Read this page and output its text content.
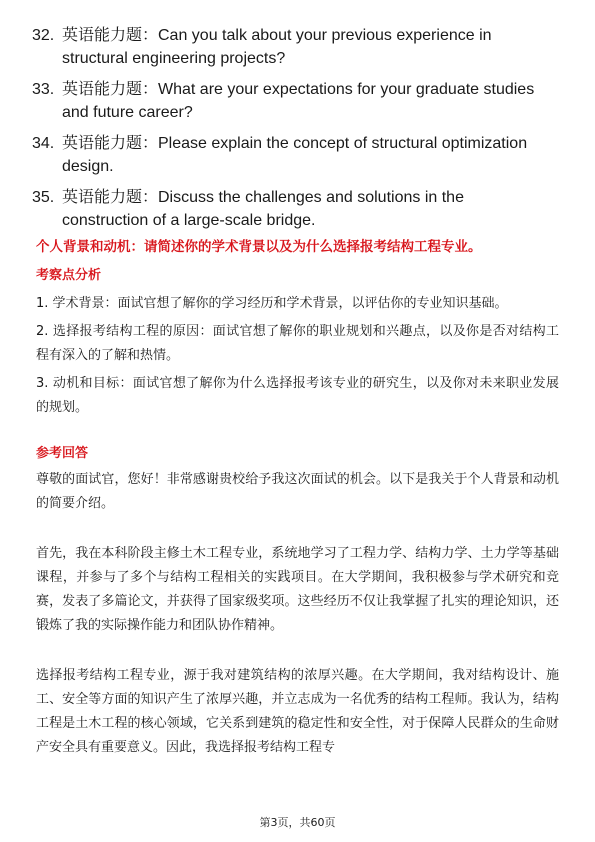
32. 英语能力题：Can you talk about your previous experience in structural engineering projects?
33. 英语能力题：What are your expectations for your graduate studies and future career?
34. 英语能力题：Please explain the concept of structural optimization design.
35. 英语能力题：Discuss the challenges and solutions in the construction of a large-scale bridge.
个人背景和动机：请简述你的学术背景以及为什么选择报考结构工程专业。
考察点分析
1. 学术背景：面试官想了解你的学习经历和学术背景，以评估你的专业知识基础。
2. 选择报考结构工程的原因：面试官想了解你的职业规划和兴趣点，以及你是否对结构工程有深入的了解和热情。
3. 动机和目标：面试官想了解你为什么选择报考该专业的研究生，以及你对未来职业发展的规划。
参考回答
尊敬的面试官，您好！非常感谢贵校给予我这次面试的机会。以下是我关于个人背景和动机的简要介绍。
首先，我在本科阶段主修土木工程专业，系统地学习了工程力学、结构力学、土力学等基础课程，并参与了多个与结构工程相关的实践项目。在大学期间，我积极参与学术研究和竞赛，发表了多篇论文，并获得了国家级奖项。这些经历不仅让我掌握了扎实的理论知识，还锻炼了我的实际操作能力和团队协作精神。
选择报考结构工程专业，源于我对建筑结构的浓厚兴趣。在大学期间，我对结构设计、施工、安全等方面的知识产生了浓厚兴趣，并立志成为一名优秀的结构工程师。我认为，结构工程是土木工程的核心领域，它关系到建筑的稳定性和安全性，对于保障人民群众的生命财产安全具有重要意义。因此，我选择报考结构工程专
第3页，共60页
